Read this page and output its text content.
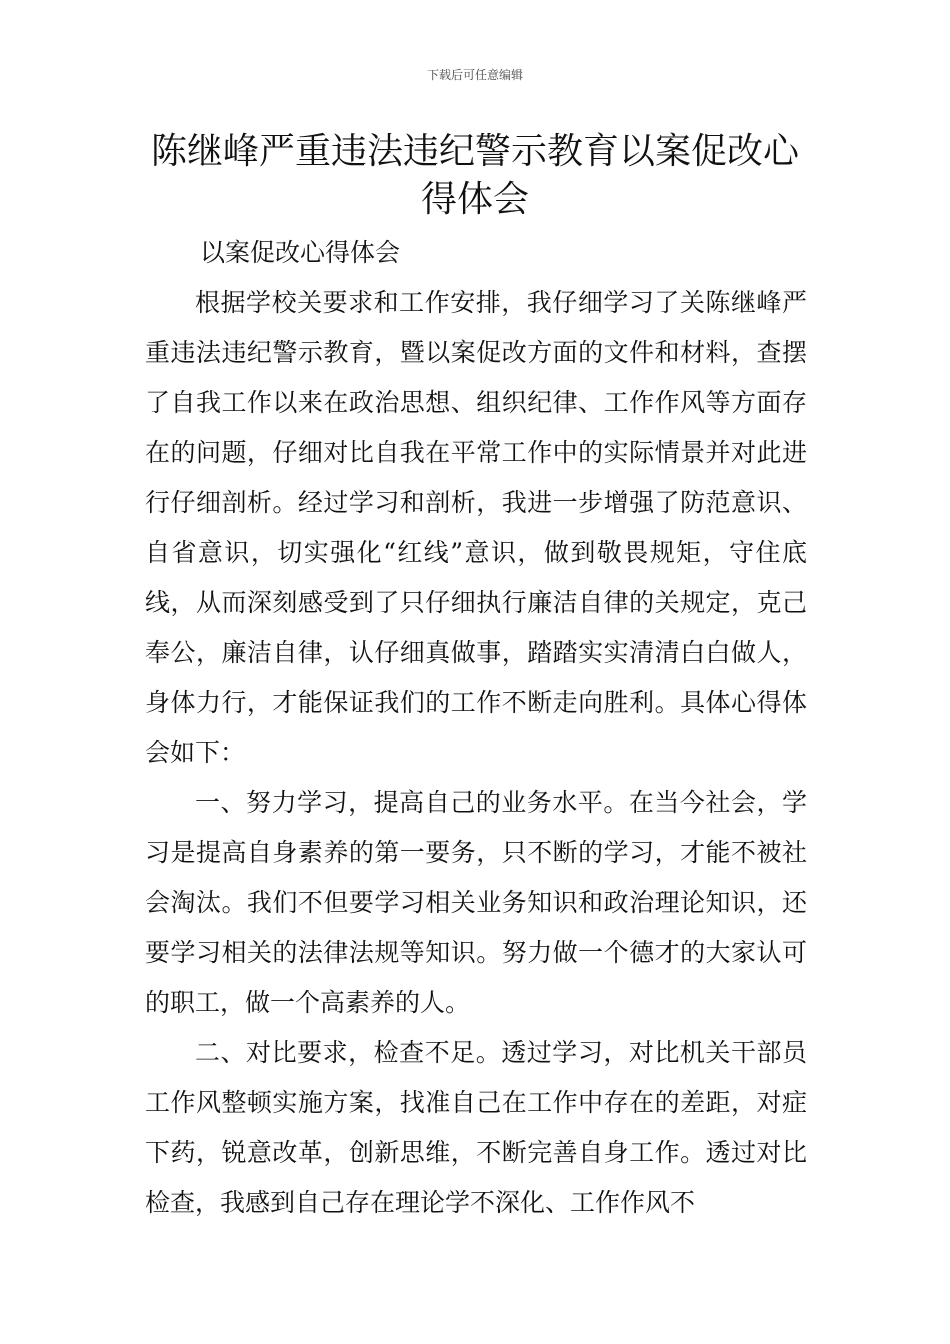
下载后可任意编辑
陈继峰严重违法违纪警示教育以案促改心得体会

以案促改心得体会

根据学校关要求和工作安排，我仔细学习了关陈继峰严重违法违纪警示教育，暨以案促改方面的文件和材料，查摆了自我工作以来在政治思想、组织纪律、工作作风等方面存在的问题，仔细对比自我在平常工作中的实际情景并对此进行仔细剖析。经过学习和剖析，我进一步增强了防范意识、自省意识，切实强化“红线”意识，做到敬畏规矩，守住底线，从而深刻感受到了只仔细执行廉洁自律的关规定，克己奉公，廉洁自律，认仔细真做事，踏踏实实清清白白做人，身体力行，才能保证我们的工作不断走向胜利。具体心得体会如下：

一、努力学习，提高自己的业务水平。在当今社会，学习是提高自身素养的第一要务，只不断的学习，才能不被社会淘汰。我们不但要学习相关业务知识和政治理论知识，还要学习相关的法律法规等知识。努力做一个德才的大家认可的职工，做一个高素养的人。

二、对比要求，检查不足。透过学习，对比机关干部员工作风整顿实施方案，找准自己在工作中存在的差距，对症下药，锐意改革，创新思维，不断完善自身工作。透过对比检查，我感到自己存在理论学不深化、工作作风不
